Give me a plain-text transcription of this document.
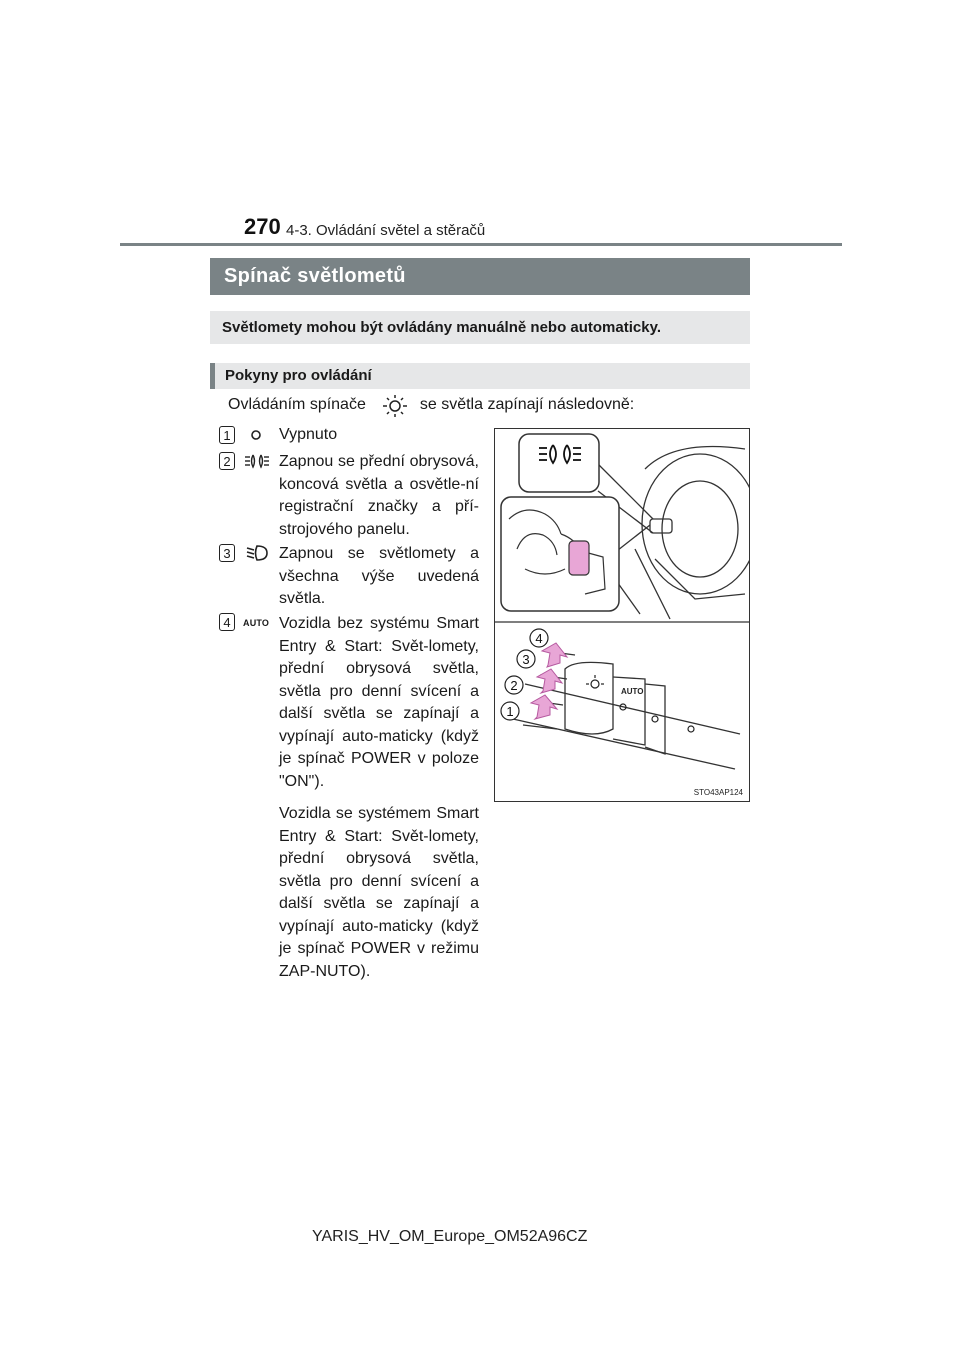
270 4-3. Ovládání světel a stěračů
Spínač světlometů
Světlomety mohou být ovládány manuálně nebo automaticky.
Pokyny pro ovládání
Ovládáním spínače	se světla zapínají následovně:
1	Vypnuto

2	Zapnou se přední obrysová, koncová světla a osvětle-ní registrační značky a pří-strojového panelu.

3	Zapnou se světlomety a všechna výše uvedená světla.

4	AUTO Vozidla bez systému Smart Entry & Start: Svět-lomety, přední obrysová světla, světla pro denní svícení a další světla se zapínají a vypínají auto-maticky (když je spínač POWER v poloze "ON").

Vozidla se systémem Smart Entry & Start: Svět-lomety, přední obrysová světla, světla pro denní svícení a další světla se zapínají a vypínají auto-maticky (když je spínač POWER v režimu ZAP-NUTO).

AUTO
1
2
3
4
STO43AP124
YARIS_HV_OM_Europe_OM52A96CZ
